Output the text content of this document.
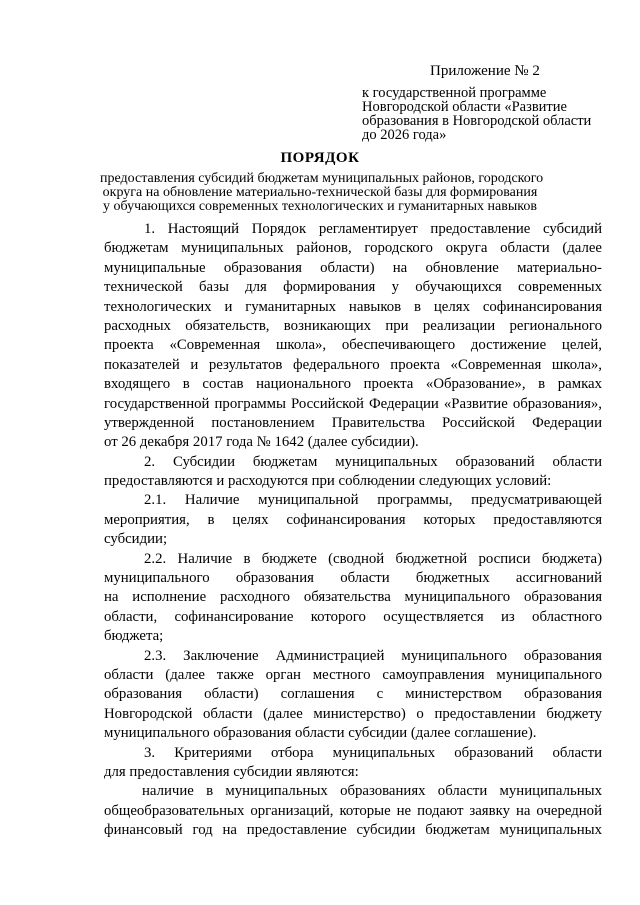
Приложение № 2
к государственной программе
Новгородской области «Развитие
образования в Новгородской области
до 2026 года»
ПОРЯДОК
предоставления субсидий бюджетам муниципальных районов, городского
округа на обновление материально-технической базы для формирования
у обучающихся современных технологических и гуманитарных навыков
1. Настоящий Порядок регламентирует предоставление субсидий
бюджетам муниципальных районов, городского округа области (далее
муниципальные образования области) на обновление материально-
технической базы для формирования у обучающихся современных
технологических и гуманитарных навыков в целях софинансирования
расходных обязательств, возникающих при реализации регионального
проекта «Современная школа», обеспечивающего достижение целей,
показателей и результатов федерального проекта «Современная школа»,
входящего в состав национального проекта «Образование», в рамках
государственной программы Российской Федерации «Развитие образования»,
утвержденной постановлением Правительства Российской Федерации
от 26 декабря 2017 года № 1642 (далее субсидии).
2. Субсидии бюджетам муниципальных образований области
предоставляются и расходуются при соблюдении следующих условий:
2.1. Наличие муниципальной программы, предусматривающей
мероприятия, в целях софинансирования которых предоставляются
субсидии;
2.2. Наличие в бюджете (сводной бюджетной росписи бюджета)
муниципального образования области бюджетных ассигнований
на исполнение расходного обязательства муниципального образования
области, софинансирование которого осуществляется из областного
бюджета;
2.3. Заключение Администрацией муниципального образования
области (далее также орган местного самоуправления муниципального
образования области) соглашения с министерством образования
Новгородской области (далее министерство) о предоставлении бюджету
муниципального образования области субсидии (далее соглашение).
3. Критериями отбора муниципальных образований области
для предоставления субсидии являются:
наличие в муниципальных образованиях области муниципальных
общеобразовательных организаций, которые не подают заявку на очередной
финансовый год на предоставление субсидии бюджетам муниципальных
